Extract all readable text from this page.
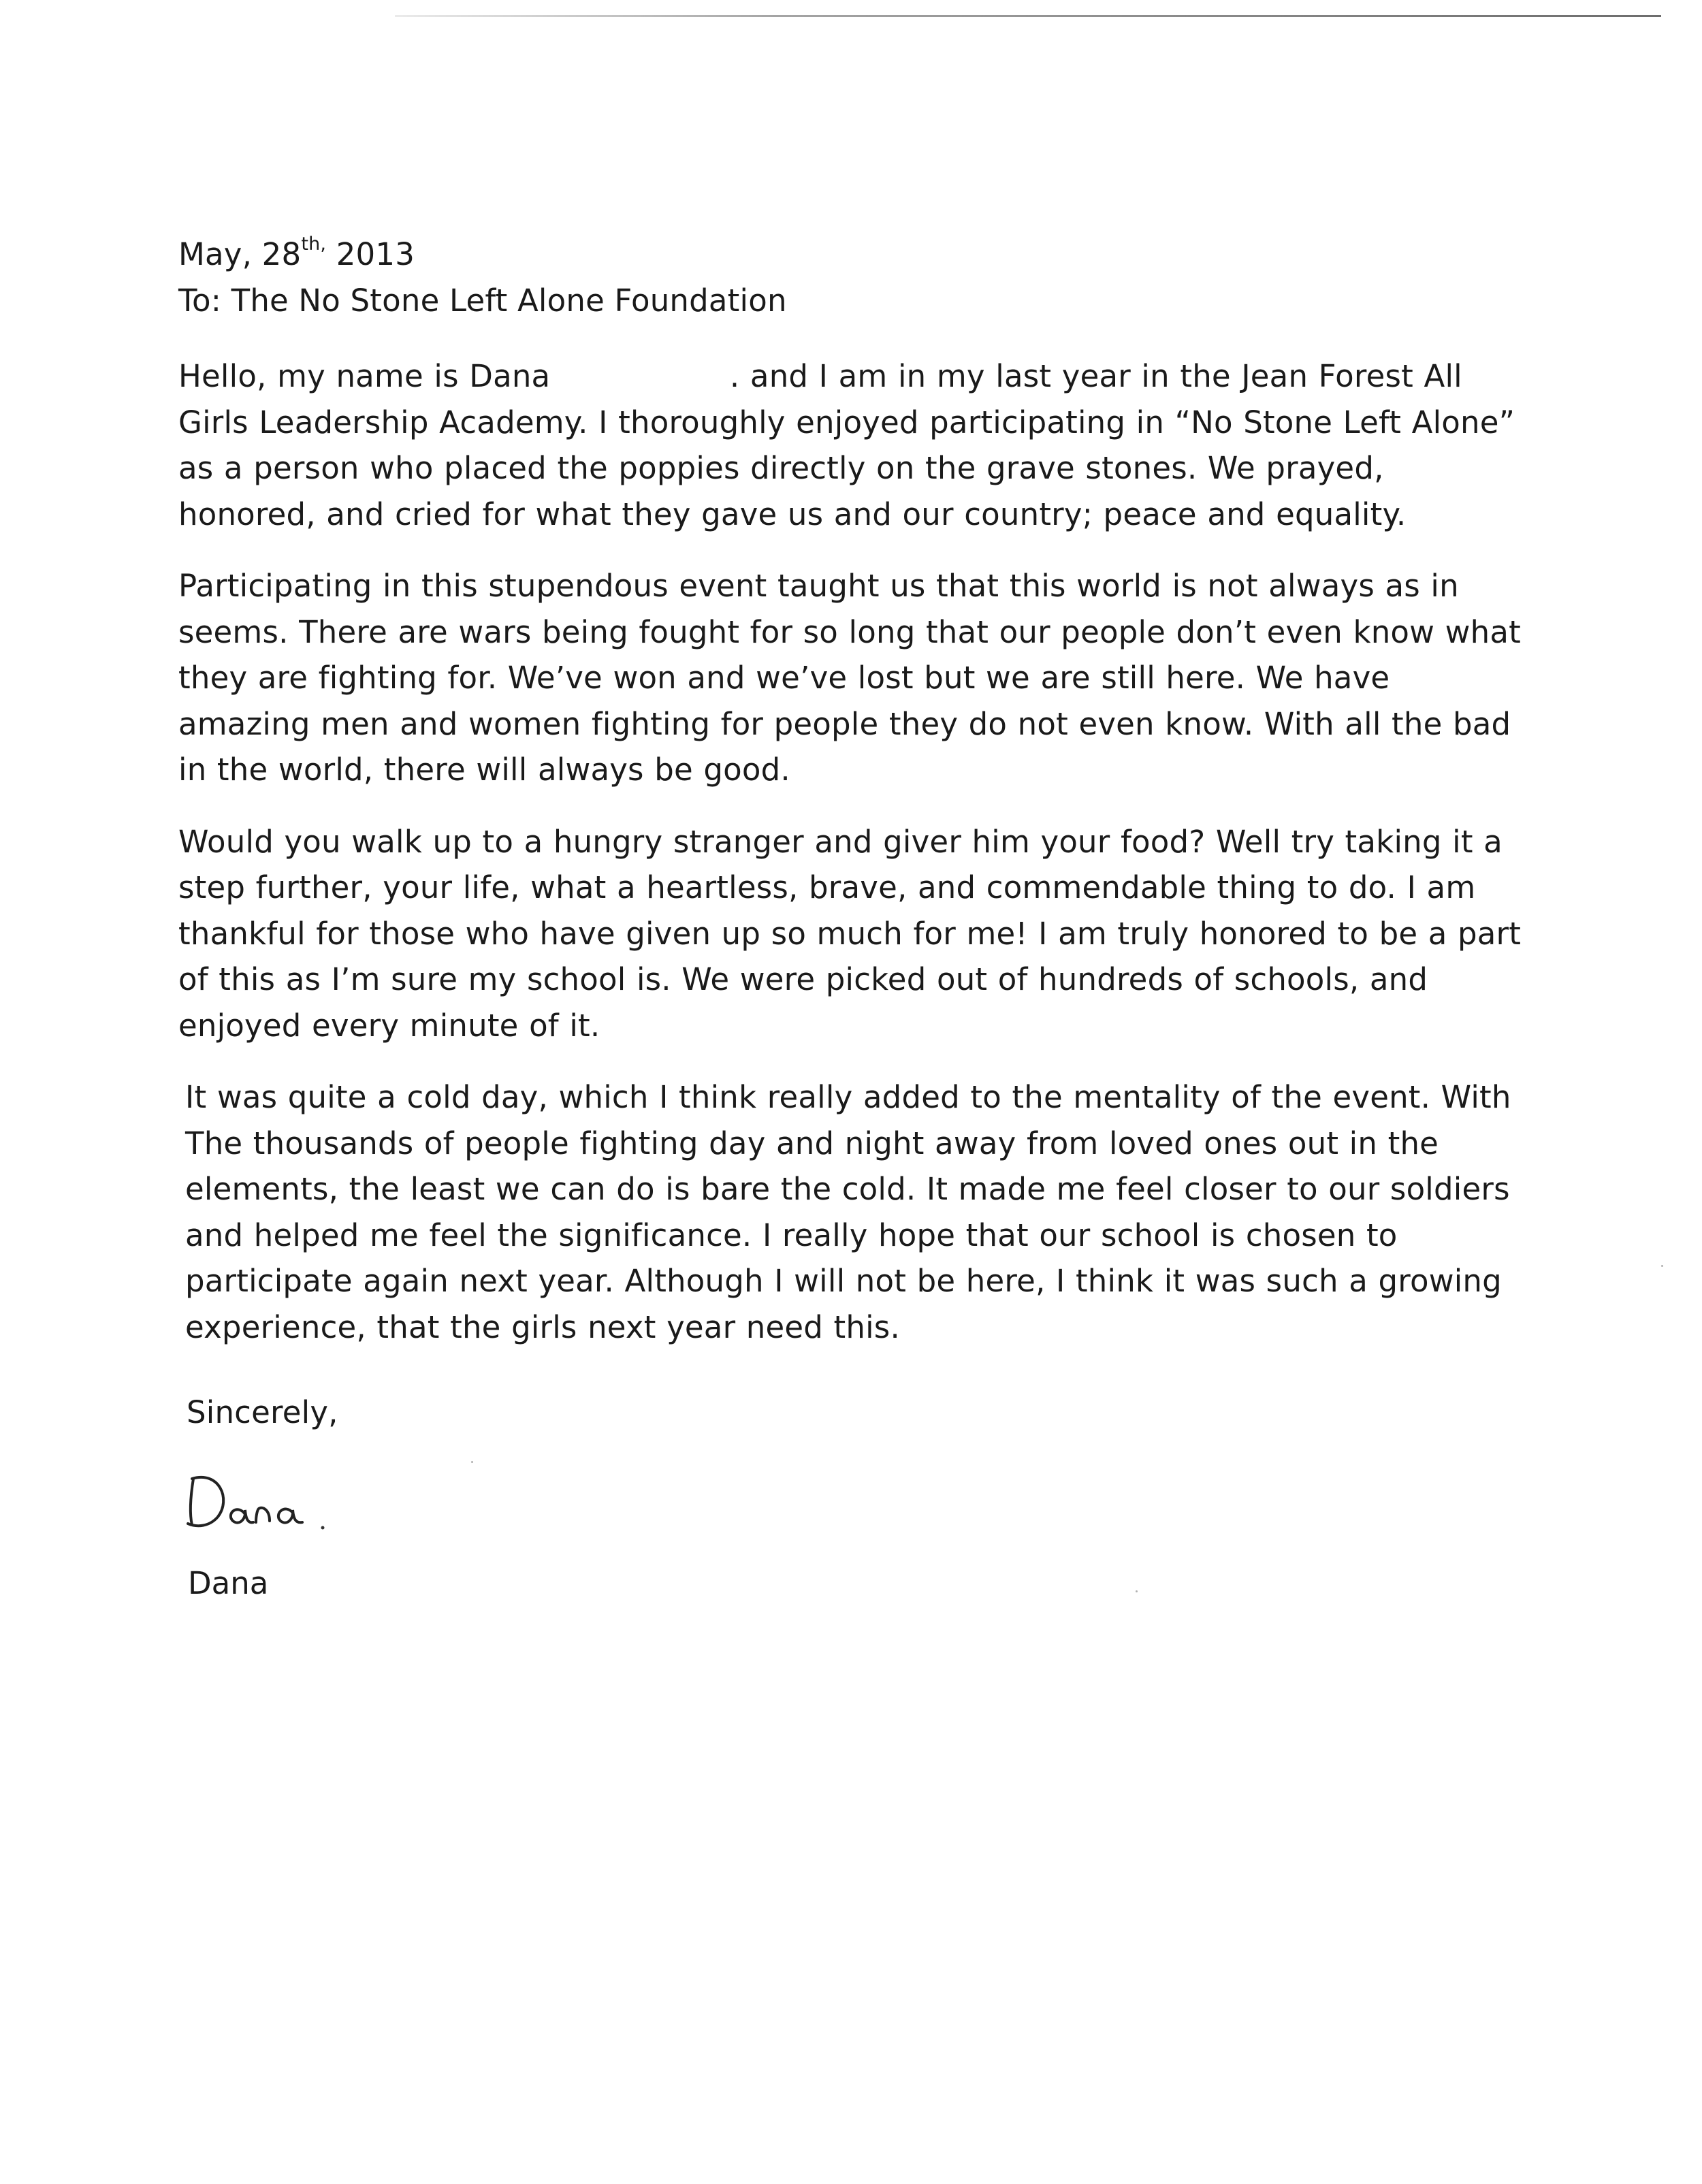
May, $28^{th,}$ 2013

To: The No Stone Left Alone Foundation

Hello, my name is Dana                 . and I am in my last year in the Jean Forest All Girls Leadership Academy. I thoroughly enjoyed participating in “No Stone Left Alone” as a person who placed the poppies directly on the grave stones. We prayed, honored, and cried for what they gave us and our country; peace and equality.

Participating in this stupendous event taught us that this world is not always as in seems. There are wars being fought for so long that our people don’t even know what they are fighting for. We’ve won and we’ve lost but we are still here. We have amazing men and women fighting for people they do not even know. With all the bad in the world, there will always be good.

Would you walk up to a hungry stranger and giver him your food? Well try taking it a step further, your life, what a heartless, brave, and commendable thing to do. I am thankful for those who have given up so much for me! I am truly honored to be a part of this as I’m sure my school is. We were picked out of hundreds of schools, and enjoyed every minute of it.

It was quite a cold day, which I think really added to the mentality of the event. With The thousands of people fighting day and night away from loved ones out in the elements, the least we can do is bare the cold. It made me feel closer to our soldiers and helped me feel the significance. I really hope that our school is chosen to participate again next year. Although I will not be here, I think it was such a growing experience, that the girls next year need this.

Sincerely,

Dana
